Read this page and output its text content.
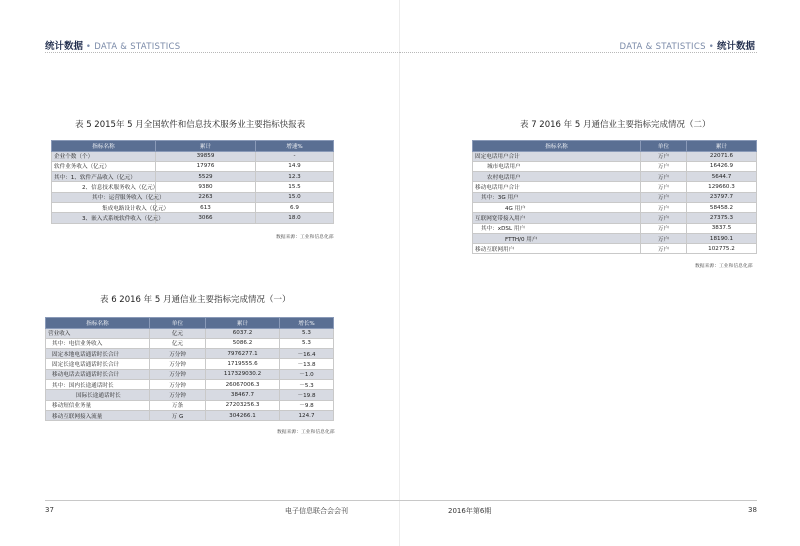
统计数据 • DATA & STATISTICS
表 5 2015年 5 月全国软件和信息技术服务业主要指标快报表
指标名称	累计	增速%
企业个数（个）	39859	-
软件业务收入（亿元）	17976	14.9
其中：1、软件产品收入（亿元）	5529	12.3
2、信息技术服务收入（亿元）	9380	15.5
其中：运营服务收入（亿元）	2263	15.0
集成电路设计收入（亿元）	613	6.9
3、嵌入式系统软件收入（亿元）	3066	18.0
数据来源：工业和信息化部
表 6 2016 年 5 月通信业主要指标完成情况（一）
指标名称	单位	累计	增长%
营业收入	亿元	6037.2	5.3
其中：电信业务收入	亿元	5086.2	5.3
固定本地电话通话时长合计	万分钟	7976277.1	－16.4
固定长途电话通话时长合计	万分钟	1719555.6	－13.8
移动电话去话通话时长合计	万分钟	117329030.2	－1.0
其中：国内长途通话时长	万分钟	26067006.3	－5.3
国际长途通话时长	万分钟	38467.7	－19.8
移动短信业务量	万条	27203256.3	－9.8
移动互联网接入流量	万 G	304266.1	124.7
数据来源：工业和信息化部
37	电子信息联合会会刊
DATA & STATISTICS • 统计数据
表 7 2016 年 5 月通信业主要指标完成情况（二）
指标名称	单位	累计
固定电话用户合计	万户	22071.6
城市电话用户	万户	16426.9
农村电话用户	万户	5644.7
移动电话用户合计	万户	129660.3
其中：3G 用户	万户	23797.7
4G 用户	万户	58458.2
互联网宽带接入用户	万户	27375.3
其中：xDSL 用户	万户	3837.5
FTTH/0 用户	万户	18190.1
移动互联网用户	万户	102775.2
数据来源：工业和信息化部
2016年第6期	38
